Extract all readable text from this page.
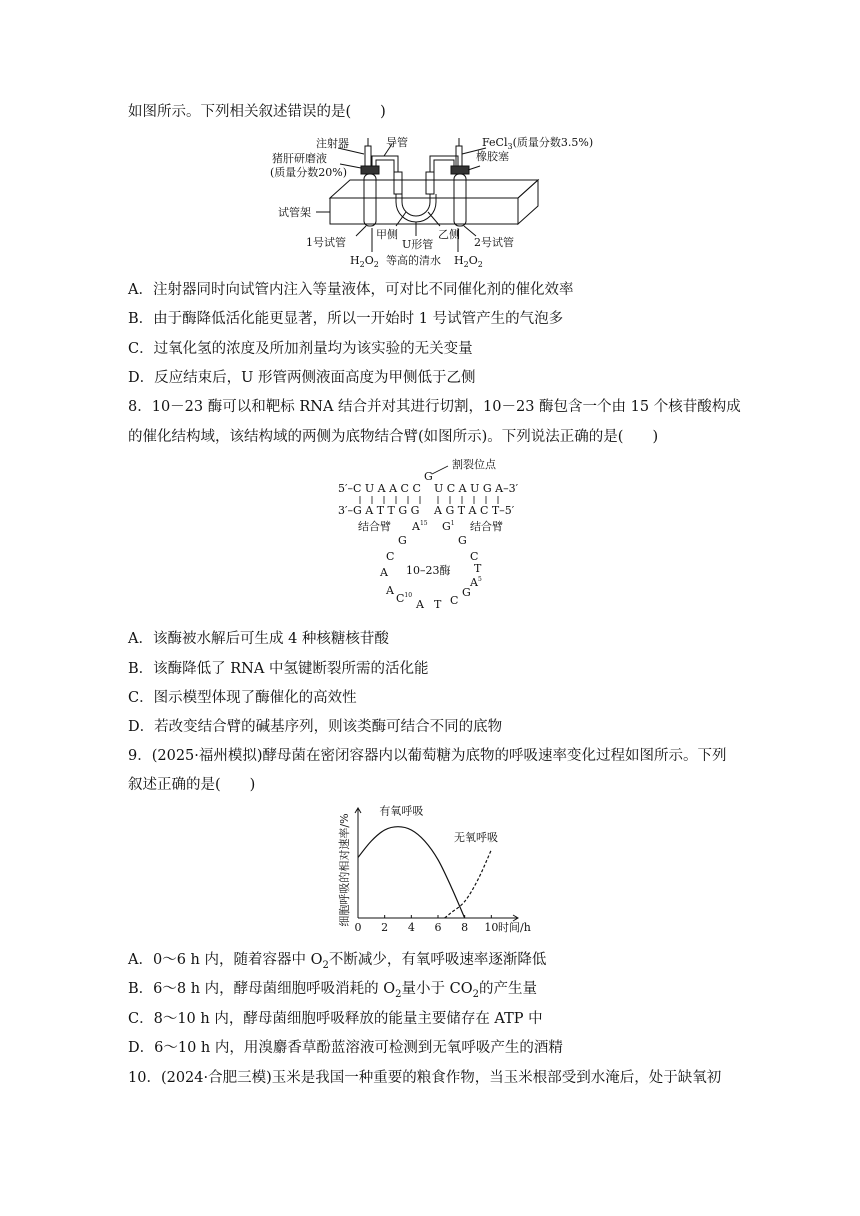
如图所示。下列相关叙述错误的是(　　)
注射器	导管
猪肝研磨液
(质量分数20%)
橡胶塞
FeCl$_3$(质量分数3.5%)
试管架
甲侧	乙侧
1号试管	U形管	2号试管
$H_2O_2$ 等高的清水 $H_2O_2$
A．注射器同时向试管内注入等量液体，可对比不同催化剂的催化效率
B．由于酶降低活化能更显著，所以一开始时 1 号试管产生的气泡多
C．过氧化氢的浓度及所加剂量均为该实验的无关变量
D．反应结束后，U 形管两侧液面高度为甲侧低于乙侧
8．10－23 酶可以和靶标 RNA 结合并对其进行切割，10－23 酶包含一个由 15 个核苷酸构成
的催化结构域，该结构域的两侧为底物结合臂(如图所示)。下列说法正确的是(　　)
割裂位点
G
5′–C U A A C C U C A U G A–3′
3′–G A T T G G A G T A C T–5′
结合臂	结合臂
$A^{15}$ $G^1$
10–23酶
G
C
A
A
$C^{10}$
A T C
G
G
C
T
$A^5$
A．该酶被水解后可生成 4 种核糖核苷酸
B．该酶降低了 RNA 中氢键断裂所需的活化能
C．图示模型体现了酶催化的高效性
D．若改变结合臂的碱基序列，则该类酶可结合不同的底物
9．(2025·福州模拟)酵母菌在密闭容器内以葡萄糖为底物的呼吸速率变化过程如图所示。下列
叙述正确的是(　　)
细胞呼吸的相对速率/%
0 2 4 6 8 10 时间/h
有氧呼吸
无氧呼吸
A．0～6 h 内，随着容器中 $O_2$不断减少，有氧呼吸速率逐渐降低
B．6～8 h 内，酵母菌细胞呼吸消耗的 $O_2$量小于 $CO_2$的产生量
C．8～10 h 内，酵母菌细胞呼吸释放的能量主要储存在 ATP 中
D．6～10 h 内，用溴麝香草酚蓝溶液可检测到无氧呼吸产生的酒精
10．(2024·合肥三模)玉米是我国一种重要的粮食作物，当玉米根部受到水淹后，处于缺氧初
